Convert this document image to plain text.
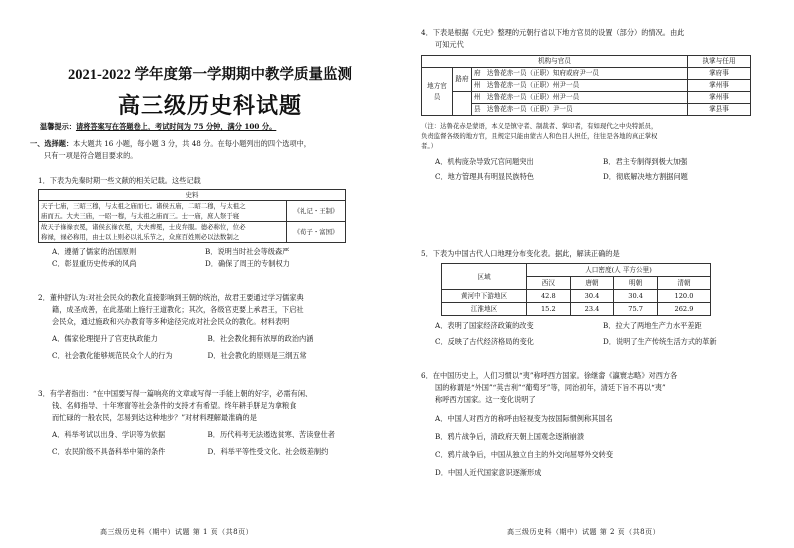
2021-2022 学年度第一学期期中教学质量监测
高三级历史科试题
温馨提示：请将答案写在答题卷上，考试时间为 75 分钟，满分 100 分。
一、选择题：本大题共 16 小题，每小题 3 分，共 48 分。在每小题列出的四个选项中，
只有一项是符合题目要求的。
1．下表为先秦时期一些文献的相关记载。这些记载
史料	

天子七庙，三昭三穆，与太祖之庙而七。诸侯五庙，二昭二穆，与太祖之
庙而五。大夫三庙，一昭一穆，与太祖之庙而三。士一庙，庶人祭于寝	《礼记・王制》

故天子祿祿衣冕，诸侯玄祿衣冕，大夫禆冕，士皮弁服。德必称位，位必
称禄，禄必称用，由士以上则必以礼乐节之，众庶百姓则必以法数制之	《荀子・富国》
A．遵循了儒家的治国原则	B．说明当时社会等级森严
C．彰显重历史传承的风尚	D．确保了周王的专制权力
2．董仲舒认为:对社会民众的教化直接影响到王朝的统治，故君王要通过学习儒家典
籍，成圣成善，在此基础上施行王道教化；其次，各级官吏要上承君王，下启社
会民众，通过施政和兴办教育等多种途径完成对社会民众的教化。材料表明
A．儒家伦理提升了官吏执政能力	B．社会教化拥有浓厚的政治内涵
C．社会教化能够规范民众个人的行为	D．社会教化的原则是三纲五常
3．有学者指出：“在中国要写得一篇响亮的文章或写得一手能上朝的好字，必需有闲、
钱、名师指导、十年寒窗等社会条件的支持才有希望。终年耕手胼足为拿粮食
而忙碌的一般农民，怎易到达这种地步？”对材料理解最准确的是
A．科举考试以出身、学识等为依据	B．历代科考无法遏选贫寒、苦读登仕者
C．农民阶级不具备科举中第的条件	D．科举平等性受文化、社会级差制约
高三级历史科（期中）试题 第 1 页（共8页）
4．下表是根据《元史》整理的元朝行省以下地方官员的设置（部分）的情况。由此
可知元代
机构与官员			执掌与任用
地方官员	路府	府 达鲁花赤一员（正职）知府或府尹一员	掌府事
		州 达鲁花赤一员（正职）州尹一员	掌州事
		州 达鲁花赤一员（正职）州尹一员	掌州事
		县 达鲁花赤一员（正职）尹一员	掌县事
（注：达鲁花赤是蒙语，本义是镇守者、制裁者、掌印者，有如现代之中央特派员，
负责监督各级的地方官，且规定只能由蒙古人和色目人担任，往往是各地的真正掌权
者。）
A．机构庞杂导致冗官问题突出	B．君主专制得到极大加强
C．地方管理具有明显民族特色	D．彻底解决地方割据问题
5．下表为中国古代人口地理分布变化表。据此，解读正确的是
区域	人口密度(人 平方公里)			
	西汉	唐朝	明朝	清朝
黄河中下游地区	42.8	30.4	30.4	120.0
江淮地区	15.2	23.4	75.7	262.9
A．表明了国家经济政策的改变	B．拉大了两地生产力水平差距
C．反映了古代经济格局的变化	D．说明了生产传统生活方式的革新
6．在中国历史上，人们习惯以“夷”称呼西方国家。徐继畲《瀛寰志略》对西方各
国的称谓是“外国”“英吉利”“葡萄牙”等，同治初年，清廷下旨不再以“夷”
称呼西方国家。这一变化说明了
A．中国人对西方的称呼由轻视变为按国际惯例称其国名
B．鸦片战争后，清政府天朝上国观念逐渐崩溃
C．鸦片战争后，中国从独立自主的外交向屈辱外交转变
D．中国人近代国家意识逐渐形成
高三级历史科（期中）试题 第 2 页（共8页）
